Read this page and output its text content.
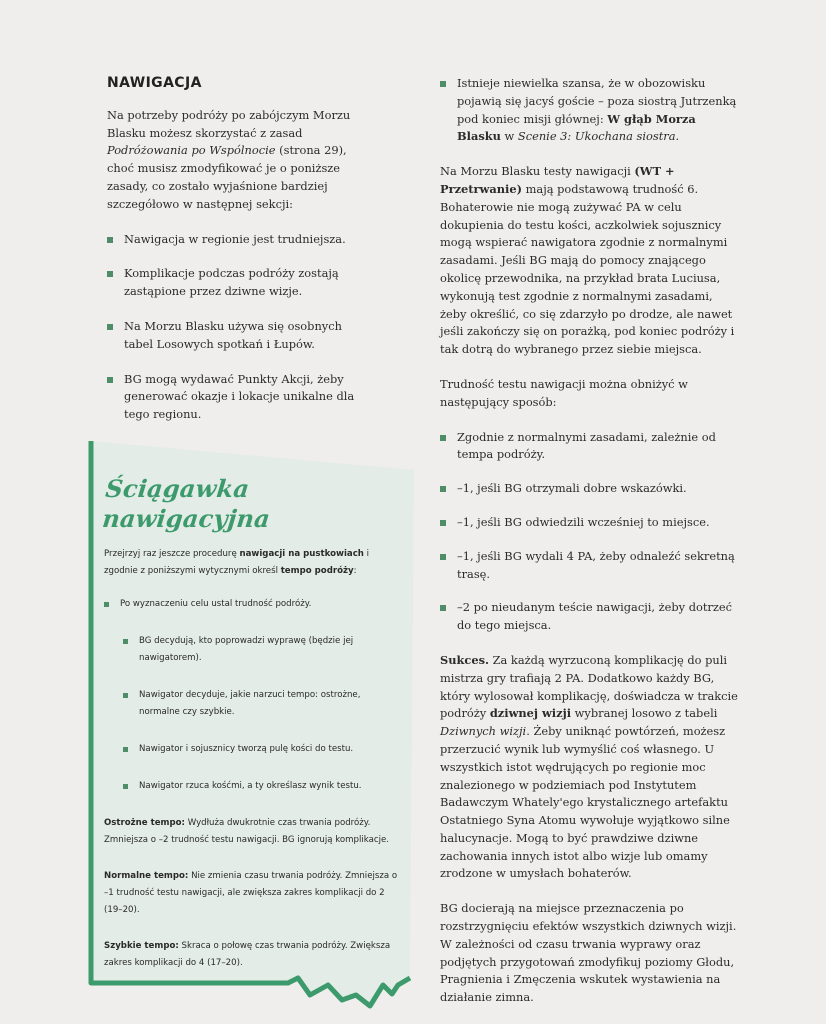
NAWIGACJA

Na potrzeby podróży po zabójczym Morzu Blasku możesz skorzystać z zasad Podróżowania po Wspólnocie (strona 29), choć musisz zmodyfikować je o poniższe zasady, co zostało wyjaśnione bardziej szczegółowo w następnej sekcji:

Nawigacja w regionie jest trudniejsza.
Komplikacje podczas podróży zostają zastąpione przez dziwne wizje.
Na Morzu Blasku używa się osobnych tabel Losowych spotkań i Łupów.
BG mogą wydawać Punkty Akcji, żeby generować okazje i lokacje unikalne dla tego regionu.
Ściągawka nawigacyjna

Przejrzyj raz jeszcze procedurę nawigacji na pustkowiach i zgodnie z poniższymi wytycznymi określ tempo podróży:

Po wyznaczeniu celu ustal trudność podróży.
BG decydują, kto poprowadzi wyprawę (będzie jej nawigatorem).
Nawigator decyduje, jakie narzuci tempo: ostrożne, normalne czy szybkie.
Nawigator i sojusznicy tworzą pulę kości do testu.
Nawigator rzuca kośćmi, a ty określasz wynik testu.

Ostrożne tempo: Wydłuża dwukrotnie czas trwania podróży. Zmniejsza o –2 trudność testu nawigacji. BG ignorują komplikacje.

Normalne tempo: Nie zmienia czasu trwania podróży. Zmniejsza o –1 trudność testu nawigacji, ale zwiększa zakres komplikacji do 2 (19–20).

Szybkie tempo: Skraca o połowę czas trwania podróży. Zwiększa zakres komplikacji do 4 (17–20).

Istnieje niewielka szansa, że w obozowisku pojawią się jacyś goście – poza siostrą Jutrzenką pod koniec misji głównej: W głąb Morza Blasku w Scenie 3: Ukochana siostra.

Na Morzu Blasku testy nawigacji (WT + Przetrwanie) mają podstawową trudność 6. Bohaterowie nie mogą zużywać PA w celu dokupienia do testu kości, aczkolwiek sojusznicy mogą wspierać nawigatora zgodnie z normalnymi zasadami. Jeśli BG mają do pomocy znającego okolicę przewodnika, na przykład brata Luciusa, wykonują test zgodnie z normalnymi zasadami, żeby określić, co się zdarzyło po drodze, ale nawet jeśli zakończy się on porażką, pod koniec podróży i tak dotrą do wybranego przez siebie miejsca.

Trudność testu nawigacji można obniżyć w następujący sposób:

Zgodnie z normalnymi zasadami, zależnie od tempa podróży.
–1, jeśli BG otrzymali dobre wskazówki.
–1, jeśli BG odwiedzili wcześniej to miejsce.
–1, jeśli BG wydali 4 PA, żeby odnaleźć sekretną trasę.
–2 po nieudanym teście nawigacji, żeby dotrzeć do tego miejsca.

Sukces. Za każdą wyrzuconą komplikację do puli mistrza gry trafiają 2 PA. Dodatkowo każdy BG, który wylosował komplikację, doświadcza w trakcie podróży dziwnej wizji wybranej losowo z tabeli Dziwnych wizji. Żeby uniknąć powtórzeń, możesz przerzucić wynik lub wymyślić coś własnego. U wszystkich istot wędrujących po regionie moc znalezionego w podziemiach pod Instytutem Badawczym Whately'ego krystalicznego artefaktu Ostatniego Syna Atomu wywołuje wyjątkowo silne halucynacje. Mogą to być prawdziwe dziwne zachowania innych istot albo wizje lub omamy zrodzone w umysłach bohaterów.

BG docierają na miejsce przeznaczenia po rozstrzygnięciu efektów wszystkich dziwnych wizji. W zależności od czasu trwania wyprawy oraz podjętych przygotowań zmodyfikuj poziomy Głodu, Pragnienia i Zmęczenia wskutek wystawienia na działanie zimna.
